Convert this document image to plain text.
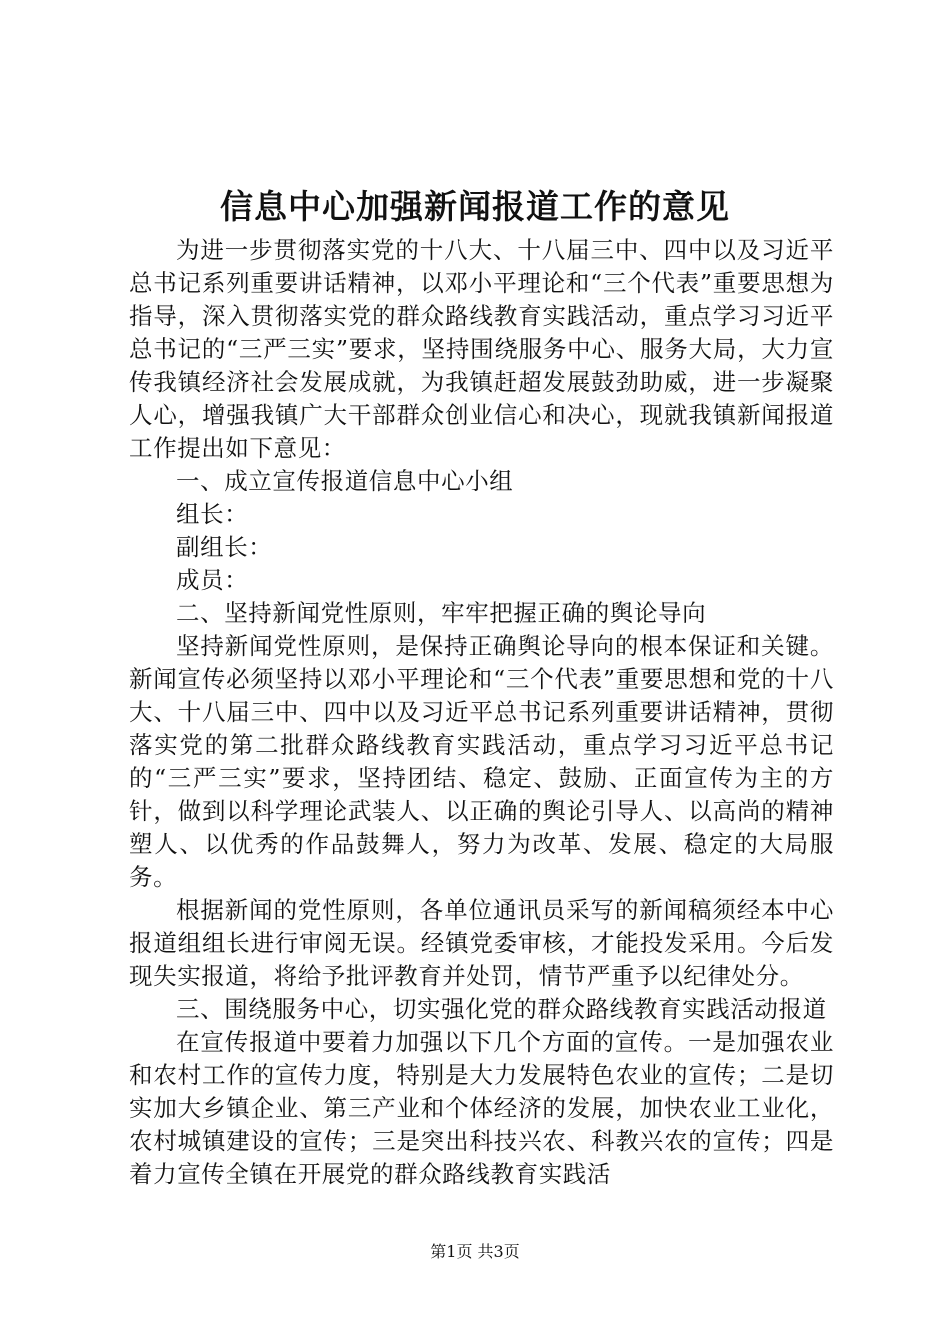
信息中心加强新闻报道工作的意见

为进一步贯彻落实党的十八大、十八届三中、四中以及习近平总书记系列重要讲话精神，以邓小平理论和“三个代表”重要思想为指导，深入贯彻落实党的群众路线教育实践活动，重点学习习近平总书记的“三严三实”要求，坚持围绕服务中心、服务大局，大力宣传我镇经济社会发展成就，为我镇赶超发展鼓劲助威，进一步凝聚人心，增强我镇广大干部群众创业信心和决心，现就我镇新闻报道工作提出如下意见：

一、成立宣传报道信息中心小组

组长：

副组长：

成员：

二、坚持新闻党性原则，牢牢把握正确的舆论导向

坚持新闻党性原则，是保持正确舆论导向的根本保证和关键。新闻宣传必须坚持以邓小平理论和“三个代表”重要思想和党的十八大、十八届三中、四中以及习近平总书记系列重要讲话精神，贯彻落实党的第二批群众路线教育实践活动，重点学习习近平总书记的“三严三实”要求，坚持团结、稳定、鼓励、正面宣传为主的方针，做到以科学理论武装人、以正确的舆论引导人、以高尚的精神塑人、以优秀的作品鼓舞人，努力为改革、发展、稳定的大局服务。

根据新闻的党性原则，各单位通讯员采写的新闻稿须经本中心报道组组长进行审阅无误。经镇党委审核，才能投发采用。今后发现失实报道，将给予批评教育并处罚，情节严重予以纪律处分。

三、围绕服务中心，切实强化党的群众路线教育实践活动报道

在宣传报道中要着力加强以下几个方面的宣传。一是加强农业和农村工作的宣传力度，特别是大力发展特色农业的宣传；二是切实加大乡镇企业、第三产业和个体经济的发展，加快农业工业化，农村城镇建设的宣传；三是突出科技兴农、科教兴农的宣传；四是着力宣传全镇在开展党的群众路线教育实践活

第1页 共3页
